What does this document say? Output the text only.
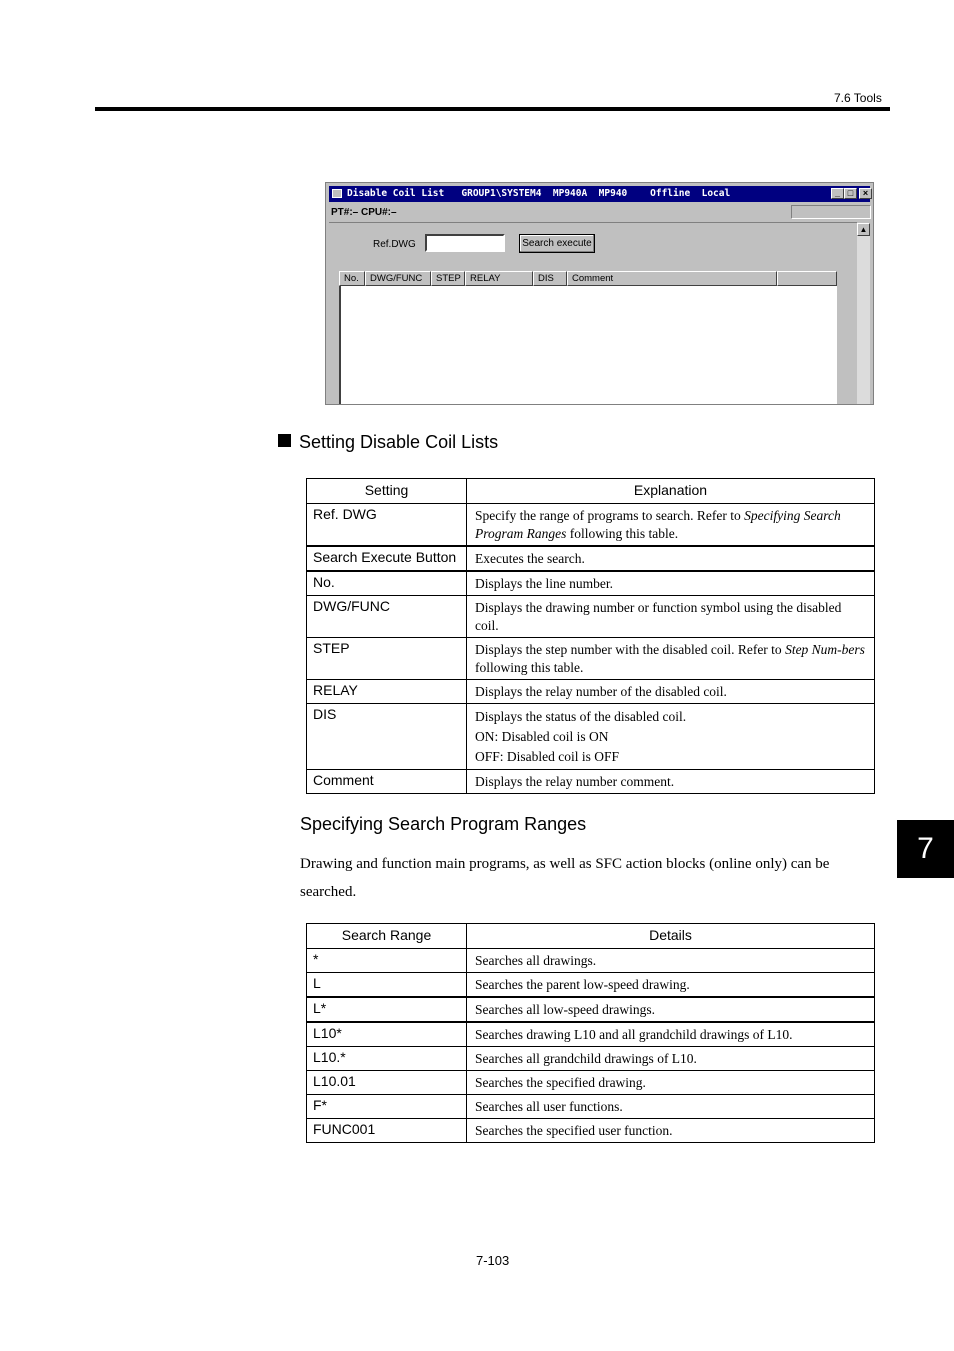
7.6 Tools
Disable Coil List   GROUP1\SYSTEM4  MP940A  MP940    Offline  Local	_ □	×
PT#:– CPU#:–
Ref.DWG	Search execute
No.	DWG/FUNC	STEP RELAY	DIS	Comment
▲
Setting Disable Coil Lists
Setting	Explanation
Ref. DWG	Specify the range of programs to search. Refer to Specifying Search Program Ranges following this table.
Search Execute Button	Executes the search.
No.	Displays the line number.
DWG/FUNC	Displays the drawing number or function symbol using the disabled coil.
STEP	Displays the step number with the disabled coil. Refer to Step Num-bers following this table.
RELAY	Displays the relay number of the disabled coil.
DIS	Displays the status of the disabled coil.
ON: Disabled coil is ON
OFF: Disabled coil is OFF

Comment	Displays the relay number comment.
Specifying Search Program Ranges
Drawing and function main programs, as well as SFC action blocks (online only) can be searched.
Search Range	Details
*	Searches all drawings.
L	Searches the parent low-speed drawing.
L*	Searches all low-speed drawings.
L10*	Searches drawing L10 and all grandchild drawings of L10.
L10.*	Searches all grandchild drawings of L10.
L10.01	Searches the specified drawing.
F*	Searches all user functions.
FUNC001	Searches the specified user function.
7-103
7
